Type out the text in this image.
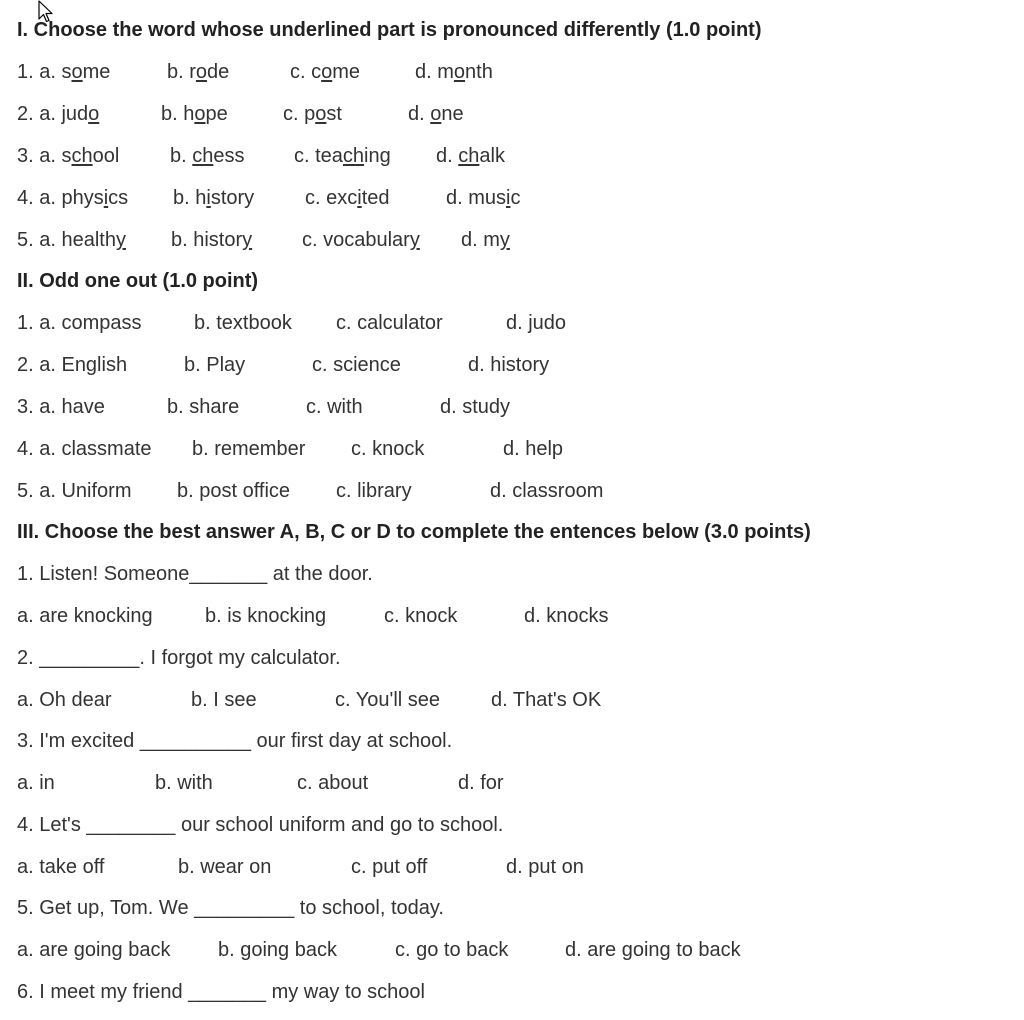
I. Choose the word whose underlined part is pronounced differently (1.0 point)
1. a. some	b. rode	c. come	d. month
2. a. judo	b. hope	c. post	d. one
3. a. school	b. chess c. teaching d. chalk
4. a. physics b. history	c. excited	d. music
5. a. healthy b. history c. vocabulary d. my
II. Odd one out (1.0 point)
1. a. compass	b. textbook c. calculator	d. judo
2. a. English	b. Play	c. science	d. history
3. a. have	b. share	c. with	d. study
4. a. classmate b. remember c. knock	d. help
5. a. Uniform b. post office c. library	d. classroom
III. Choose the best answer A, B, C or D to complete the entences below (3.0 points)
1. Listen! Someone_______ at the door.
a. are knocking	b. is knocking	c. knock	d. knocks
2. _________. I forgot my calculator.
a. Oh dear	b. I see	c. You'll see	d. That's OK
3. I'm excited __________ our first day at school.
a. in	b. with	c. about	d. for
4. Let's ________ our school uniform and go to school.
a. take off	b. wear on	c. put off	d. put on
5. Get up, Tom. We _________ to school, today.
a. are going back b. going back	c. go to back	d. are going to back
6. I meet my friend _______ my way to school
